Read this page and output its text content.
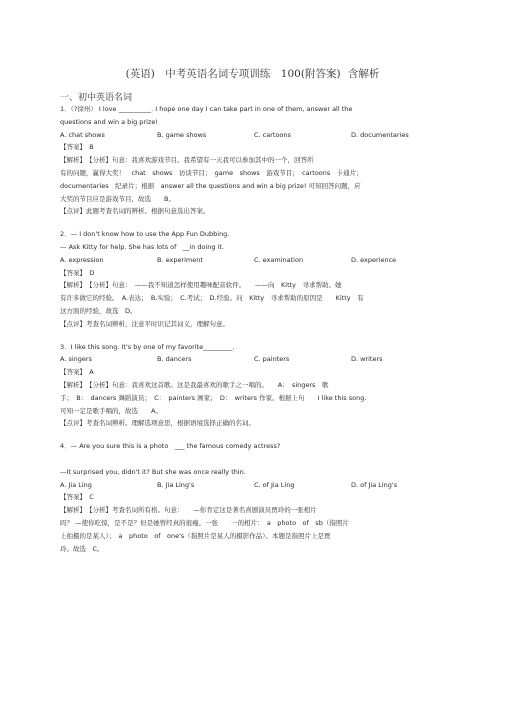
(英语)　中考英语名词专项训练　100(附答案) 含解析
一、初中英语名词
1．（?徐州） I love __________. I hope one day I can take part in one of them, answer all the
questions and win a big prize!
A. chat shows	B. game shows	C. cartoons	D. documentaries
【答案】　B
【解析】　【分析】句意：我喜欢游戏节目。我希望有一天我可以参加其中的一个，回答所
有的问题，赢得大奖！　chat　shows　访谈节目；　game　shows　游戏节目；　cartoons　卡通片；
documentaries　纪录片；根据　answer all the questions and win a big prize! 可知回答问题，应
大奖的节目应是游戏节目，故选　　B。
【点评】此题考查名词的辨析。根据句意选出答案。
2．— I don't know how to use the App Fun Dubbing.
— Ask Kitty for help. She has lots of　__in doing it.
A. expression	B. experiment	C. examination	D. experience
【答案】　D
【解析】　【分析】句意：　——我不知道怎样使用趣味配音软件。　　——向　Kitty　寻求帮助。她
有许多做它的经验。　A.表达；　B.实验；　C.考试；　D.经验。问　Kitty　寻求帮助的原因是　　Kitty　有
这方面的经验，故选　D。
【点评】考查名词辨析，注意平时识记其词义，理解句意。
3．I like this song. It's by one of my favorite_________.
A. singers	B. dancers	C. painters	D. writers
【答案】　A
【解析】　【分析】句意：我喜欢这首歌。这是我最喜欢的歌手之一唱的。　　A：　singers　歌
手；　B：　dancers 舞蹈演员；　C：　painters 画家；　D：　writers 作家。根据上句　　I like this song.
可知一定是歌手唱的，故选　　A。
【点评】考查名词辨析。理解选项意思，根据语境选择正确的名词。
4．— Are you sure this is a photo　___ the famous comedy actress?

—It surprised you, didn't it? But she was once really thin.
A. Jia Ling	B. Jia Ling's	C. of Jia Ling	D. of Jia Ling's
【答案】　C
【解析】　【分析】考查名词所有格。句意：　　—你肯定这是著名喜剧演员贾玲的一张相片
吗？ —使你吃惊，是不是？但是她曾经真的很瘦。一张　　一的相片：　a　photo　of　sb（指照片
上拍摄的是某人）；　a　photo　of　one's（指照片是某人的摄影作品）。本题是指照片上是贾
玲。故选　C。
